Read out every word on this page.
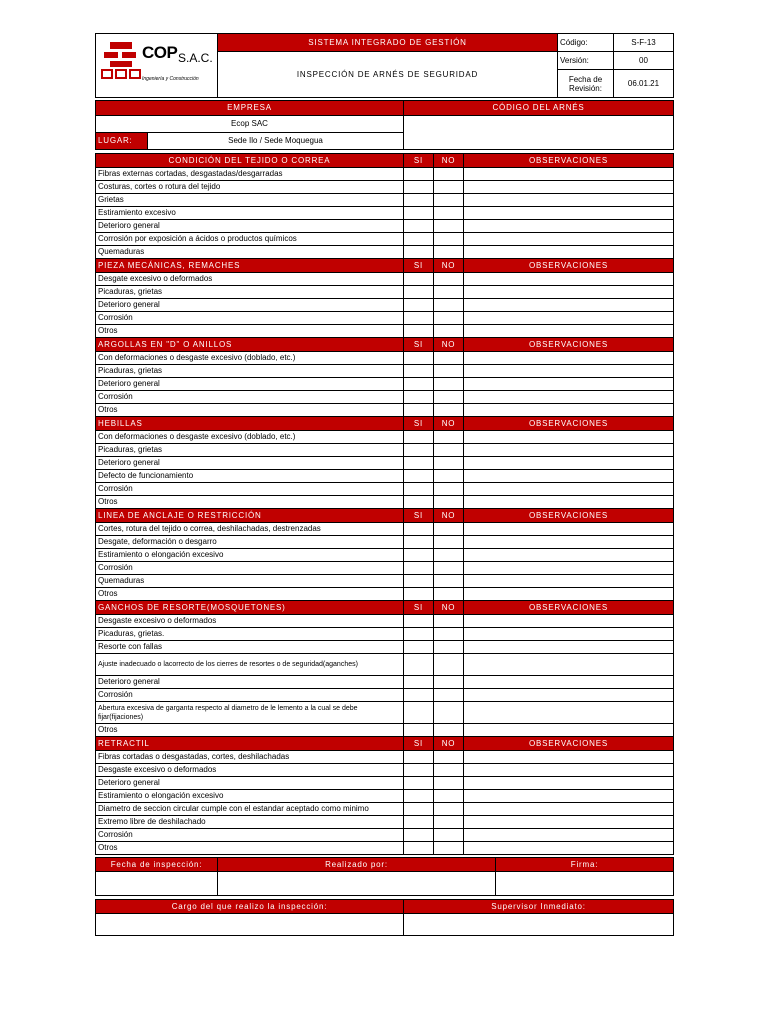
COP S.A.C.
Ingeniería y Construcción	SISTEMA INTEGRADO DE GESTIÓN	Código:	S-F-13
	INSPECCIÓN DE ARNÉS DE SEGURIDAD	Versión:	00
		Fecha de Revisión:	06.01.21
EMPRESA		CÓDIGO DEL ARNÉS
Ecop SAC		
LUGAR:	Sede Ilo / Sede Moquegua	
CONDICIÓN DEL TEJIDO O CORREA	SI	NO	OBSERVACIONES
Fibras externas cortadas, desgastadas/desgarradas			
Costuras, cortes o rotura del tejido			
Grietas			
Estiramiento excesivo			
Deterioro general			
Corrosión por exposición a ácidos o productos químicos			
Quemaduras			
PIEZA MECÁNICAS, REMACHES	SI	NO	OBSERVACIONES
Desgate excesivo o deformados			
Picaduras, grietas			
Deterioro general			
Corrosión			
Otros			
ARGOLLAS EN "D" O ANILLOS	SI	NO	OBSERVACIONES
Con deformaciones o desgaste excesivo (doblado, etc.)			
Picaduras, grietas			
Deterioro general			
Corrosión			
Otros			
HEBILLAS	SI	NO	OBSERVACIONES
Con deformaciones o desgaste excesivo (doblado, etc.)			
Picaduras, grietas			
Deterioro general			
Defecto de funcionamiento			
Corrosión			
Otros			
LINEA DE ANCLAJE O RESTRICCIÓN	SI	NO	OBSERVACIONES
Cortes, rotura del tejido o correa, deshilachadas, destrenzadas			
Desgate, deformación o desgarro			
Estiramiento o elongación excesivo			
Corrosión			
Quemaduras			
Otros			
GANCHOS DE RESORTE(MOSQUETONES)	SI	NO	OBSERVACIONES
Desgaste excesivo o deformados			
Picaduras, grietas.			
Resorte con fallas			
Ajuste inadecuado o lacorrecto de los cierres de resortes o de seguridad(aganches)			
Deterioro general			
Corrosión			
Abertura excesiva de garganta respecto al diametro de le lemento a la cual se debe fijar(fijaciones)			
Otros			
RETRACTIL	SI	NO	OBSERVACIONES
Fibras cortadas o desgastadas, cortes, deshilachadas			
Desgaste excesivo o deformados			
Deterioro general			
Estiramiento o elongación excesivo			
Diametro de seccion circular cumple con el estandar aceptado como minimo			
Extremo libre de deshilachado			
Corrosión			
Otros			
Fecha de inspección:	Realizado por:	Firma:

Cargo del que realizo la inspección:	Supervisor Inmediato:
